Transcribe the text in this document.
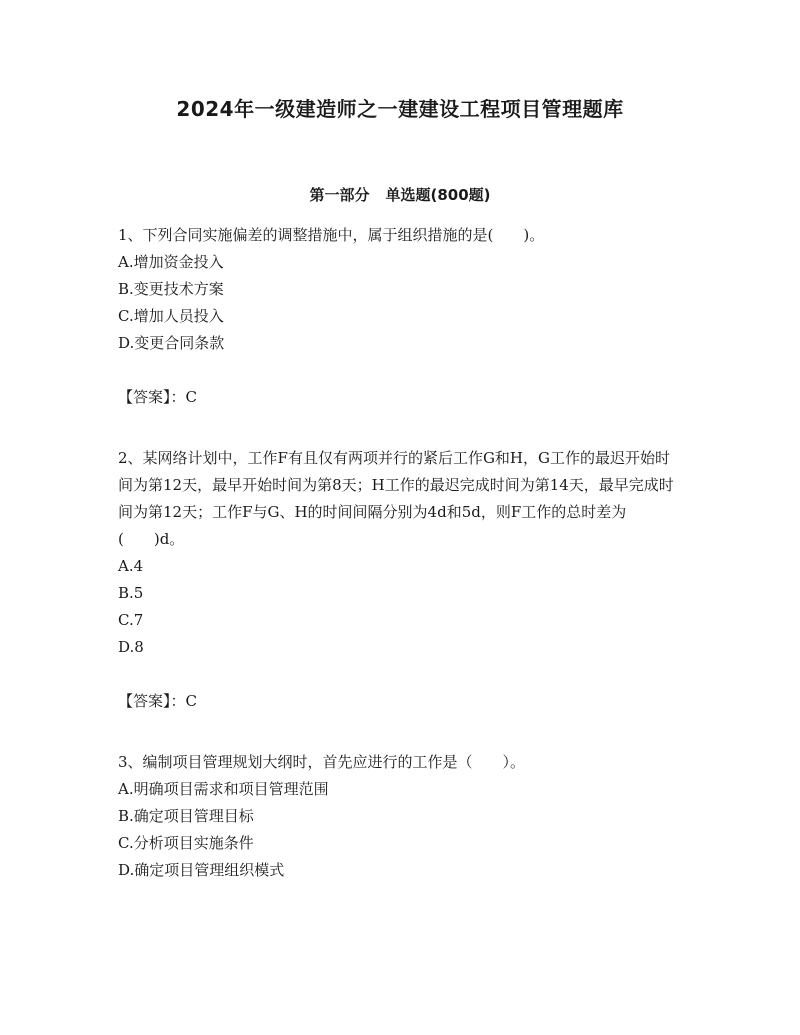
2024年一级建造师之一建建设工程项目管理题库
第一部分 单选题(800题)

1、下列合同实施偏差的调整措施中，属于组织措施的是(　　)。

A.增加资金投入

B.变更技术方案

C.增加人员投入

D.变更合同条款

【答案】：C

2、某网络计划中，工作F有且仅有两项并行的紧后工作G和H，G工作的最迟开始时间为第12天，最早开始时间为第8天；H工作的最迟完成时间为第14天，最早完成时间为第12天；工作F与G、H的时间间隔分别为4d和5d，则F工作的总时差为(　　)d。

A.4

B.5

C.7

D.8

【答案】：C

3、编制项目管理规划大纲时，首先应进行的工作是（　　）。

A.明确项目需求和项目管理范围

B.确定项目管理目标

C.分析项目实施条件

D.确定项目管理组织模式
